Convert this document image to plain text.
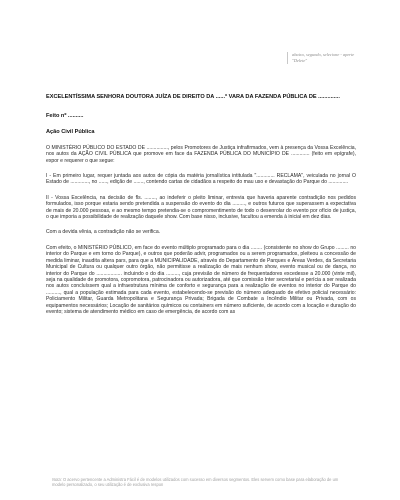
abaixo, segundo, selecione - aperte "Delete"

EXCELENTÍSSIMA SENHORA DOUTORA JUÍZA DE DIREITO DA ......ª VARA DA FAZENDA PÚBLICA DE ..............

Feito nº ..........
Ação Civil Pública

O MINISTÉRIO PÚBLICO DO ESTADO DE ..............., pelos Promotores de Justiça infrafirmados, vem à presença da Vossa Excelência, nos autos da AÇÃO CIVIL PÚBLICA que promove em face da FAZENDA PÚBLICA DO MUNICÍPIO DE ............. (feito em epígrafe), expor e requerer o que segue:

I - Em primeiro lugar, requer juntada aos autos de cópia da matéria jornalística intitulada "............. RECLAMA", veiculada no jornal O Estado de ............., no ......, edição de ......., contendo cartas de cidadãos a respeito do mau uso e devastação do Parque do ..............

II - Vossa Excelência, na decisão de fls. ........, ao indeferir o pleito liminar, entrevia que haveria aparente contradição nos pedidos formulados, isso porque estaria sendo pretendida a suspensão do evento do dia ........., e outros futuros que superassem a expectativa de mais de 20.000 pessoas, e ao mesmo tempo pretendia-se o compromentimento de todo o desenrolar do evento por ofício de justiça, o que imporia a possibilidade de realização daquele show. Com base nisso, inclusive, facultou a emenda à inicial em dez dias.

Com a devida vênia, a contradição não se verifica.

Com efeito, o MINISTÉRIO PÚBLICO, em face do evento múltiplo programado para o dia ........ (consistente no show do Grupo ......... no interior do Parque e em torno do Parque), e outros que poderão advir, programados ou a serem programados, pleiteou a concessão de medida liminar, inaudita altera pars, para que a MUNICIPALIDADE, através do Departamento de Parques e Áreas Verdes, da Secretaria Municipal de Cultura ou qualquer outro órgão, não permitisse a realização de mais nenhum show, evento musical ou de dança, no interior do Parque do .................. incluindo o do dia ........., cuja previsão de número de frequentadores excedesse a 20.000 (vinte mil), seja na qualidade de promotora, copromotora, patrocinadora ou autorizadora, até que comissão Inter secretarial e perícia a ser realizada nos autos concluíssem qual a infraestrutura mínima de conforto e segurança para a realização de eventos no interior do Parque do .........., qual a população estimada para cada evento, estabelecendo-se previsão do número adequado de efetivo policial necessário: Policiamento Militar, Guarda Metropolitana e Segurança Privada; Brigada de Combate a Incêndio Militar ou Privada, com os equipamentos necessários; Locação de sanitários químicos ou containers em número suficiente, de acordo com a locação e duração do evento; sistema de atendimento médico em caso de emergência, de acordo com as

Nota: O acervo pertencente a Administra Fácil é de modelos utilizados com sucesso em diversos segmentos. Eles servem como base para elaboração de um modelo personalizado, o seu utilização é de exclusiva respon
